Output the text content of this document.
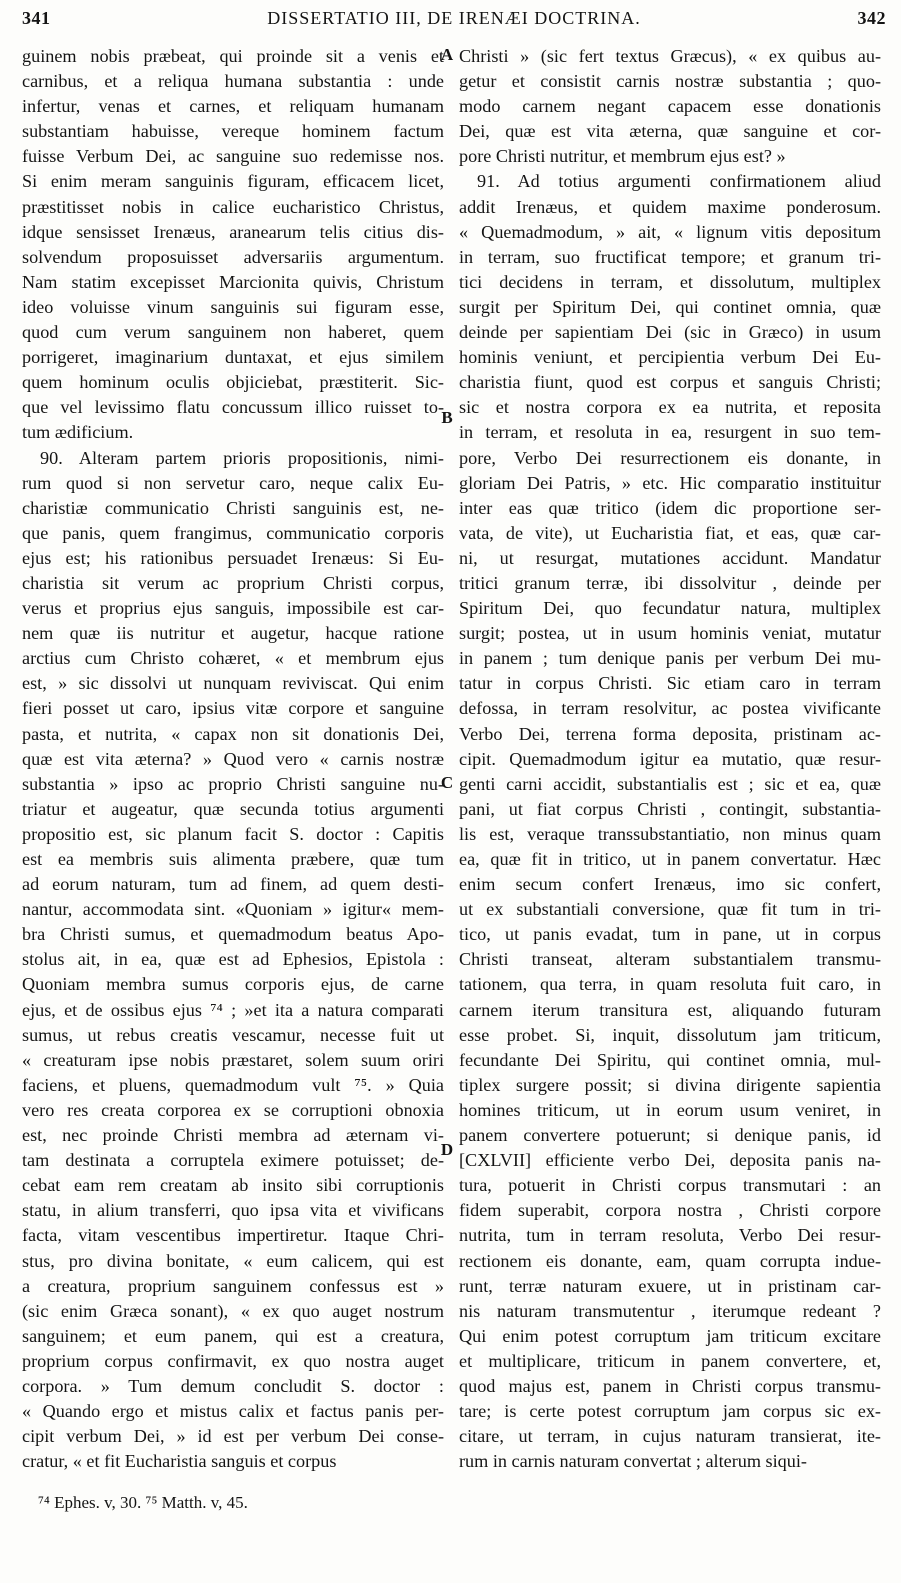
341	DISSERTATIO III, DE IRENÆI DOCTRINA.	342
guinem nobis præbeat, qui proinde sit a venis et
carnibus, et a reliqua humana substantia : unde
infertur, venas et carnes, et reliquam humanam
substantiam habuisse, vereque hominem factum
fuisse Verbum Dei, ac sanguine suo redemisse nos.
Si enim meram sanguinis figuram, efficacem licet,
præstitisset nobis in calice eucharistico Christus,
idque sensisset Irenæus, aranearum telis citius dis-
solvendum proposuisset adversariis argumentum.
Nam statim excepisset Marcionita quivis, Christum
ideo voluisse vinum sanguinis sui figuram esse,
quod cum verum sanguinem non haberet, quem
porrigeret, imaginarium duntaxat, et ejus similem
quem hominum oculis objiciebat, præstiterit. Sic-
que vel levissimo flatu concussum illico ruisset to-
tum ædificium.
90. Alteram partem prioris propositionis, nimi-
rum quod si non servetur caro, neque calix Eu-
charistiæ communicatio Christi sanguinis est, ne-
que panis, quem frangimus, communicatio corporis
ejus est; his rationibus persuadet Irenæus: Si Eu-
charistia sit verum ac proprium Christi corpus,
verus et proprius ejus sanguis, impossibile est car-
nem quæ iis nutritur et augetur, hacque ratione
arctius cum Christo cohæret, « et membrum ejus
est, » sic dissolvi ut nunquam reviviscat. Qui enim
fieri posset ut caro, ipsius vitæ corpore et sanguine
pasta, et nutrita, « capax non sit donationis Dei,
quæ est vita æterna? » Quod vero « carnis nostræ
substantia » ipso ac proprio Christi sanguine nu-
triatur et augeatur, quæ secunda totius argumenti
propositio est, sic planum facit S. doctor : Capitis
est ea membris suis alimenta præbere, quæ tum
ad eorum naturam, tum ad finem, ad quem desti-
nantur, accommodata sint. «Quoniam » igitur« mem-
bra Christi sumus, et quemadmodum beatus Apo-
stolus ait, in ea, quæ est ad Ephesios, Epistola :
Quoniam membra sumus corporis ejus, de carne
ejus, et de ossibus ejus ⁷⁴ ; »et ita a natura comparati
sumus, ut rebus creatis vescamur, necesse fuit ut
« creaturam ipse nobis præstaret, solem suum oriri
faciens, et pluens, quemadmodum vult ⁷⁵. » Quia
vero res creata corporea ex se corruptioni obnoxia
est, nec proinde Christi membra ad æternam vi-
tam destinata a corruptela eximere potuisset; de-
cebat eam rem creatam ab insito sibi corruptionis
statu, in alium transferri, quo ipsa vita et vivificans
facta, vitam vescentibus impertiretur. Itaque Chri-
stus, pro divina bonitate, « eum calicem, qui est
a creatura, proprium sanguinem confessus est »
(sic enim Græca sonant), « ex quo auget nostrum
sanguinem; et eum panem, qui est a creatura,
proprium corpus confirmavit, ex quo nostra auget
corpora. » Tum demum concludit S. doctor :
« Quando ergo et mistus calix et factus panis per-
cipit verbum Dei, » id est per verbum Dei conse-
cratur, « et fit Eucharistia sanguis et corpus
Christi » (sic fert textus Græcus), « ex quibus au-
getur et consistit carnis nostræ substantia ; quo-
modo carnem negant capacem esse donationis
Dei, quæ est vita æterna, quæ sanguine et cor-
pore Christi nutritur, et membrum ejus est? »
91. Ad totius argumenti confirmationem aliud
addit Irenæus, et quidem maxime ponderosum.
« Quemadmodum, » ait, « lignum vitis depositum
in terram, suo fructificat tempore; et granum tri-
tici decidens in terram, et dissolutum, multiplex
surgit per Spiritum Dei, qui continet omnia, quæ
deinde per sapientiam Dei (sic in Græco) in usum
hominis veniunt, et percipientia verbum Dei Eu-
charistia fiunt, quod est corpus et sanguis Christi;
sic et nostra corpora ex ea nutrita, et reposita
in terram, et resoluta in ea, resurgent in suo tem-
pore, Verbo Dei resurrectionem eis donante, in
gloriam Dei Patris, » etc. Hic comparatio instituitur
inter eas quæ tritico (idem dic proportione ser-
vata, de vite), ut Eucharistia fiat, et eas, quæ car-
ni, ut resurgat, mutationes accidunt. Mandatur
tritici granum terræ, ibi dissolvitur , deinde per
Spiritum Dei, quo fecundatur natura, multiplex
surgit; postea, ut in usum hominis veniat, mutatur
in panem ; tum denique panis per verbum Dei mu-
tatur in corpus Christi. Sic etiam caro in terram
defossa, in terram resolvitur, ac postea vivificante
Verbo Dei, terrena forma deposita, pristinam ac-
cipit. Quemadmodum igitur ea mutatio, quæ resur-
genti carni accidit, substantialis est ; sic et ea, quæ
pani, ut fiat corpus Christi , contingit, substantia-
lis est, veraque transsubstantiatio, non minus quam
ea, quæ fit in tritico, ut in panem convertatur. Hæc
enim secum confert Irenæus, imo sic confert,
ut ex substantiali conversione, quæ fit tum in tri-
tico, ut panis evadat, tum in pane, ut in corpus
Christi transeat, alteram substantialem transmu-
tationem, qua terra, in quam resoluta fuit caro, in
carnem iterum transitura est, aliquando futuram
esse probet. Si, inquit, dissolutum jam triticum,
fecundante Dei Spiritu, qui continet omnia, mul-
tiplex surgere possit; si divina dirigente sapientia
homines triticum, ut in eorum usum veniret, in
panem convertere potuerunt; si denique panis, id
[CXLVII] efficiente verbo Dei, deposita panis na-
tura, potuerit in Christi corpus transmutari : an
fidem superabit, corpora nostra , Christi corpore
nutrita, tum in terram resoluta, Verbo Dei resur-
rectionem eis donante, eam, quam corrupta indue-
runt, terræ naturam exuere, ut in pristinam car-
nis naturam transmutentur , iterumque redeant ?
Qui enim potest corruptum jam triticum excitare
et multiplicare, triticum in panem convertere, et,
quod majus est, panem in Christi corpus transmu-
tare; is certe potest corruptum jam corpus sic ex-
citare, ut terram, in cujus naturam transierat, ite-
rum in carnis naturam convertat ; alterum siqui-
A
B
C
D
⁷⁴ Ephes. v, 30. ⁷⁵ Matth. v, 45.
